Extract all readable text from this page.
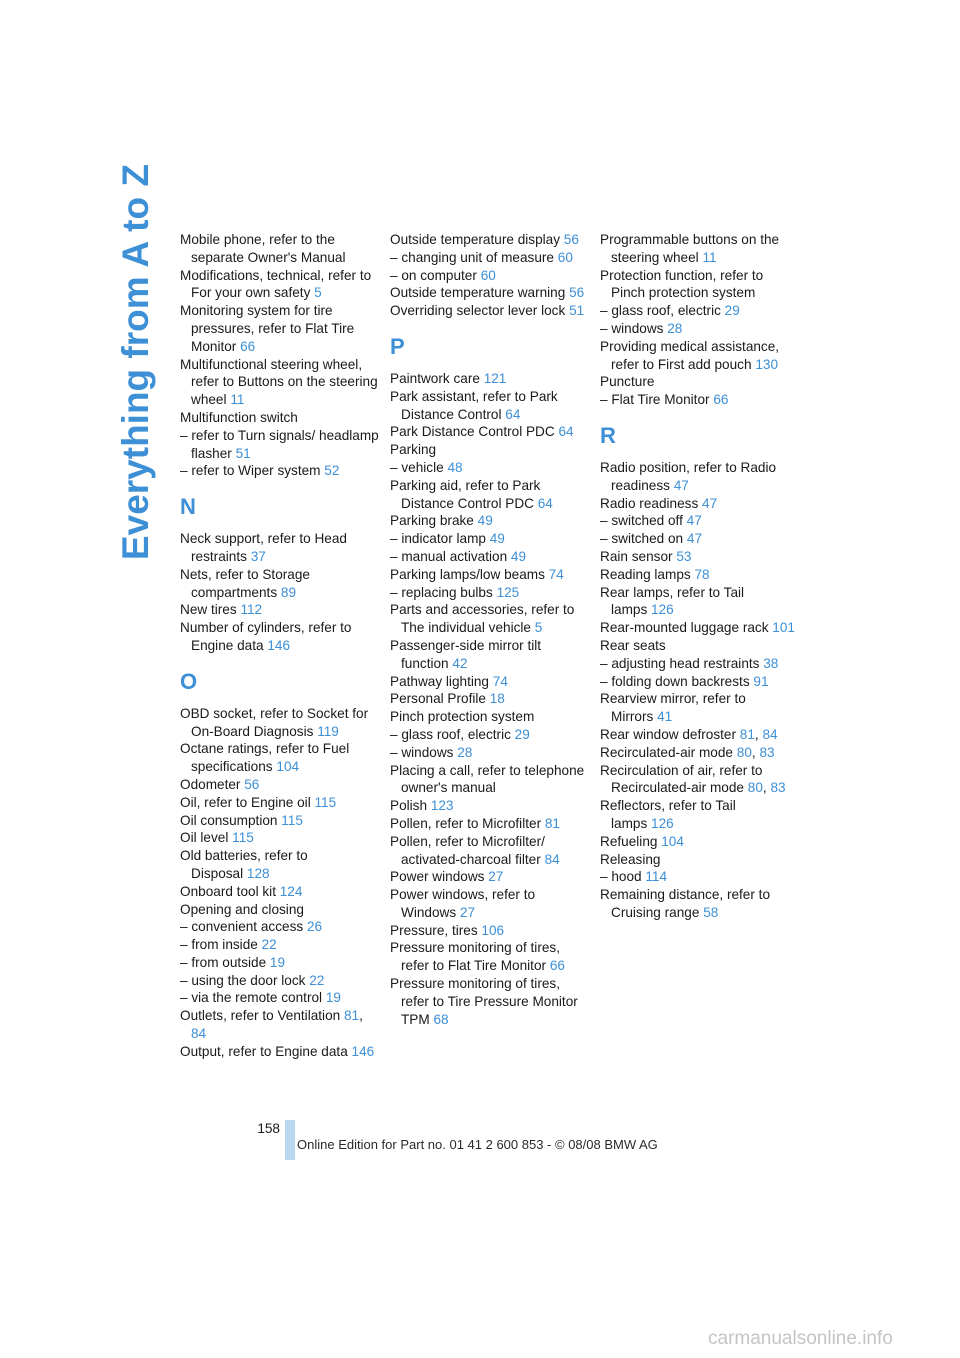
Everything from A to Z Mobile phone, refer to the separate Owner's Manual
Modifications, technical, refer to For your own safety 5
Monitoring system for tire pressures, refer to Flat Tire Monitor 66
Multifunctional steering wheel, refer to Buttons on the steering wheel 11
Multifunction switch
– refer to Turn signals/ headlamp flasher 51
– refer to Wiper system 52
N
Neck support, refer to Head restraints 37
Nets, refer to Storage compartments 89
New tires 112
Number of cylinders, refer to Engine data 146
O
OBD socket, refer to Socket for On-Board Diagnosis 119
Octane ratings, refer to Fuel specifications 104
Odometer 56
Oil, refer to Engine oil 115
Oil consumption 115
Oil level 115
Old batteries, refer to Disposal 128
Onboard tool kit 124
Opening and closing
– convenient access 26
– from inside 22
– from outside 19
– using the door lock 22
– via the remote control 19
Outlets, refer to Ventilation 81, 84
Output, refer to Engine data 146
Outside temperature display 56
– changing unit of measure 60
– on computer 60
Outside temperature warning 56
Overriding selector lever lock 51
P
Paintwork care 121
Park assistant, refer to Park Distance Control 64
Park Distance Control PDC 64
Parking
– vehicle 48
Parking aid, refer to Park Distance Control PDC 64
Parking brake 49
– indicator lamp 49
– manual activation 49
Parking lamps/low beams 74
– replacing bulbs 125
Parts and accessories, refer to The individual vehicle 5
Passenger-side mirror tilt function 42
Pathway lighting 74
Personal Profile 18
Pinch protection system
– glass roof, electric 29
– windows 28
Placing a call, refer to telephone owner's manual
Polish 123
Pollen, refer to Microfilter 81
Pollen, refer to Microfilter/ activated-charcoal filter 84
Power windows 27
Power windows, refer to Windows 27
Pressure, tires 106
Pressure monitoring of tires, refer to Flat Tire Monitor 66
Pressure monitoring of tires, refer to Tire Pressure Monitor TPM 68
Programmable buttons on the steering wheel 11
Protection function, refer to Pinch protection system
– glass roof, electric 29
– windows 28
Providing medical assistance, refer to First add pouch 130
Puncture
– Flat Tire Monitor 66
R
Radio position, refer to Radio readiness 47
Radio readiness 47
– switched off 47
– switched on 47
Rain sensor 53
Reading lamps 78
Rear lamps, refer to Tail lamps 126
Rear-mounted luggage rack 101
Rear seats
– adjusting head restraints 38
– folding down backrests 91
Rearview mirror, refer to Mirrors 41
Rear window defroster 81, 84
Recirculated-air mode 80, 83
Recirculation of air, refer to Recirculated-air mode 80, 83
Reflectors, refer to Tail lamps 126
Refueling 104
Releasing
– hood 114
Remaining distance, refer to Cruising range 58
158
Online Edition for Part no. 01 41 2 600 853 - © 08/08 BMW AG
carmanualsonline.info
